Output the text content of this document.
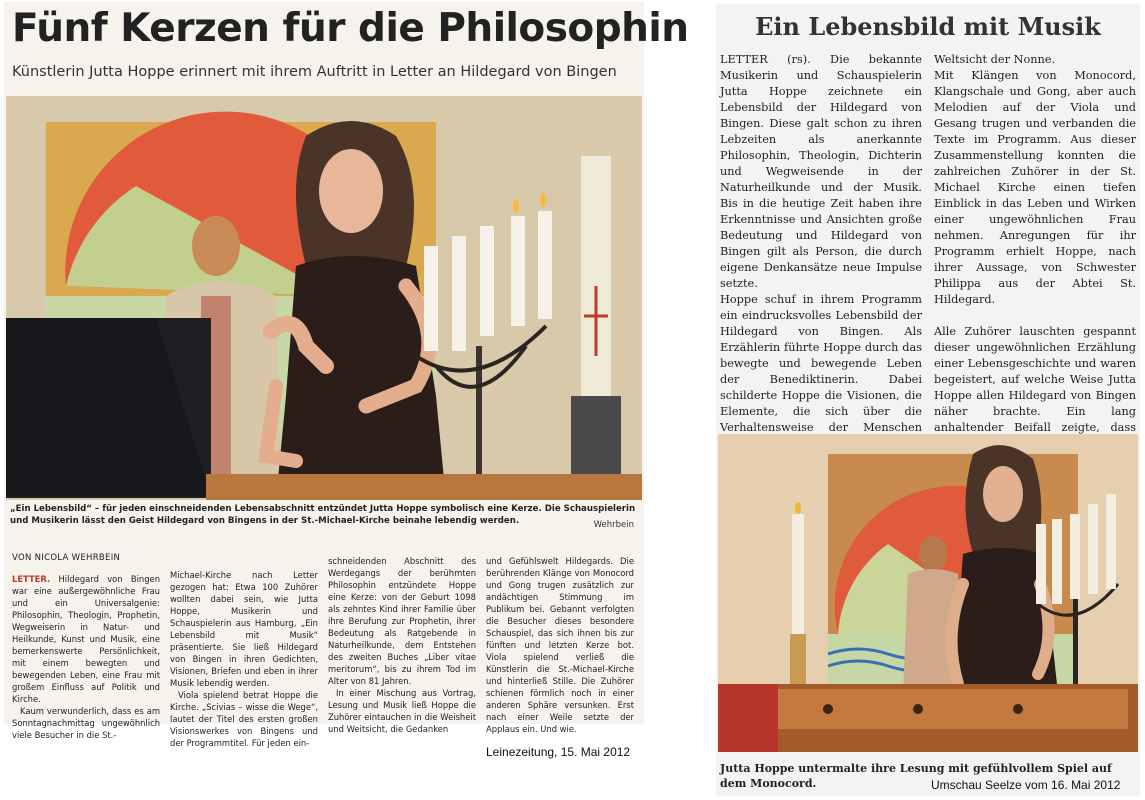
Fünf Kerzen für die Philosophin
Künstlerin Jutta Hoppe erinnert mit ihrem Auftritt in Letter an Hildegard von Bingen
„Ein Lebensbild“ – für jeden einschneidenden Lebensabschnitt entzündet Jutta Hoppe symbolisch eine Kerze. Die Schauspielerin und Musikerin lässt den Geist Hildegard von Bingens in der St.-Michael-Kirche beinahe lebendig werden.	Wehrbein
VON NICOLA WEHRBEIN

LETTER. Hildegard von Bingen war eine außergewöhnliche Frau und ein Universalgenie: Philosophin, Theologin, Prophetin, Wegweiserin in Natur- und Heilkunde, Kunst und Musik, eine bemerkenswerte Persönlichkeit, mit einem bewegten und bewegenden Leben, eine Frau mit großem Einfluss auf Politik und Kirche.

Kaum verwunderlich, dass es am Sonntagnachmittag ungewöhnlich viele Besucher in die St.-

Michael-Kirche nach Letter gezogen hat: Etwa 100 Zuhörer wollten dabei sein, wie Jutta Hoppe, Musikerin und Schauspielerin aus Hamburg, „Ein Lebensbild mit Musik“ präsentierte. Sie ließ Hildegard von Bingen in ihren Gedichten, Visionen, Briefen und eben in ihrer Musik lebendig werden.

Viola spielend betrat Hoppe die Kirche. „Scivias – wisse die Wege“, lautet der Titel des ersten großen Visionswerkes von Bingens und der Programmtitel. Für jeden ein-

schneidenden Abschnitt des Werdegangs der berühmten Philosophin entzündete Hoppe eine Kerze: von der Geburt 1098 als zehntes Kind ihrer Familie über ihre Berufung zur Prophetin, ihrer Bedeutung als Ratgebende in Naturheilkunde, dem Entstehen des zweiten Buches „Liber vitae meritorum“, bis zu ihrem Tod im Alter von 81 Jahren.

In einer Mischung aus Vortrag, Lesung und Musik ließ Hoppe die Zuhörer eintauchen in die Weisheit und Weitsicht, die Gedanken

und Gefühlswelt Hildegards. Die berührenden Klänge von Monocord und Gong trugen zusätzlich zur andächtigen Stimmung im Publikum bei. Gebannt verfolgten die Besucher dieses besondere Schauspiel, das sich ihnen bis zur fünften und letzten Kerze bot. Viola spielend verließ die Künstlerin die St.-Michael-Kirche und hinterließ Stille. Die Zuhörer schienen förmlich noch in einer anderen Sphäre versunken. Erst nach einer Weile setzte der Applaus ein. Und wie.

Leinezeitung, 15. Mai 2012
Ein Lebensbild mit Musik

LETTER (rs). Die bekannte Musikerin und Schauspielerin Jutta Hoppe zeichnete ein Lebensbild der Hildegard von Bingen. Diese galt schon zu ihren Lebzeiten als anerkannte Philosophin, Theologin, Dichterin und Wegweisende in der Naturheilkunde und der Musik. Bis in die heutige Zeit haben ihre Erkenntnisse und Ansichten große Bedeutung und Hildegard von Bingen gilt als Person, die durch eigene Denkansätze neue Impulse setzte.

Hoppe schuf in ihrem Programm ein eindrucksvolles Lebensbild der Hildegard von Bingen. Als Erzählerin führte Hoppe durch das bewegte und bewegende Leben der Benediktinerin. Dabei schilderte Hoppe die Visionen, die Elemente, die sich über die Verhaltensweise der Menschen

Weltsicht der Nonne.

Mit Klängen von Monocord, Klangschale und Gong, aber auch Melodien auf der Viola und Gesang trugen und verbanden die Texte im Programm. Aus dieser Zusammenstellung konnten die zahlreichen Zuhörer in der St. Michael Kirche einen tiefen Einblick in das Leben und Wirken einer ungewöhnlichen Frau nehmen. Anregungen für ihr Programm erhielt Hoppe, nach ihrer Aussage, von Schwester Philippa aus der Abtei St. Hildegard.

Alle Zuhörer lauschten gespannt dieser ungewöhnlichen Erzählung einer Lebensgeschichte und waren begeistert, auf welche Weise Jutta Hoppe allen Hildegard von Bingen näher brachte. Ein lang anhaltender Beifall zeigte, dass

Jutta Hoppe untermalte ihre Lesung mit gefühlvollem Spiel auf dem Monocord.	Umschau Seelze vom 16. Mai 2012
